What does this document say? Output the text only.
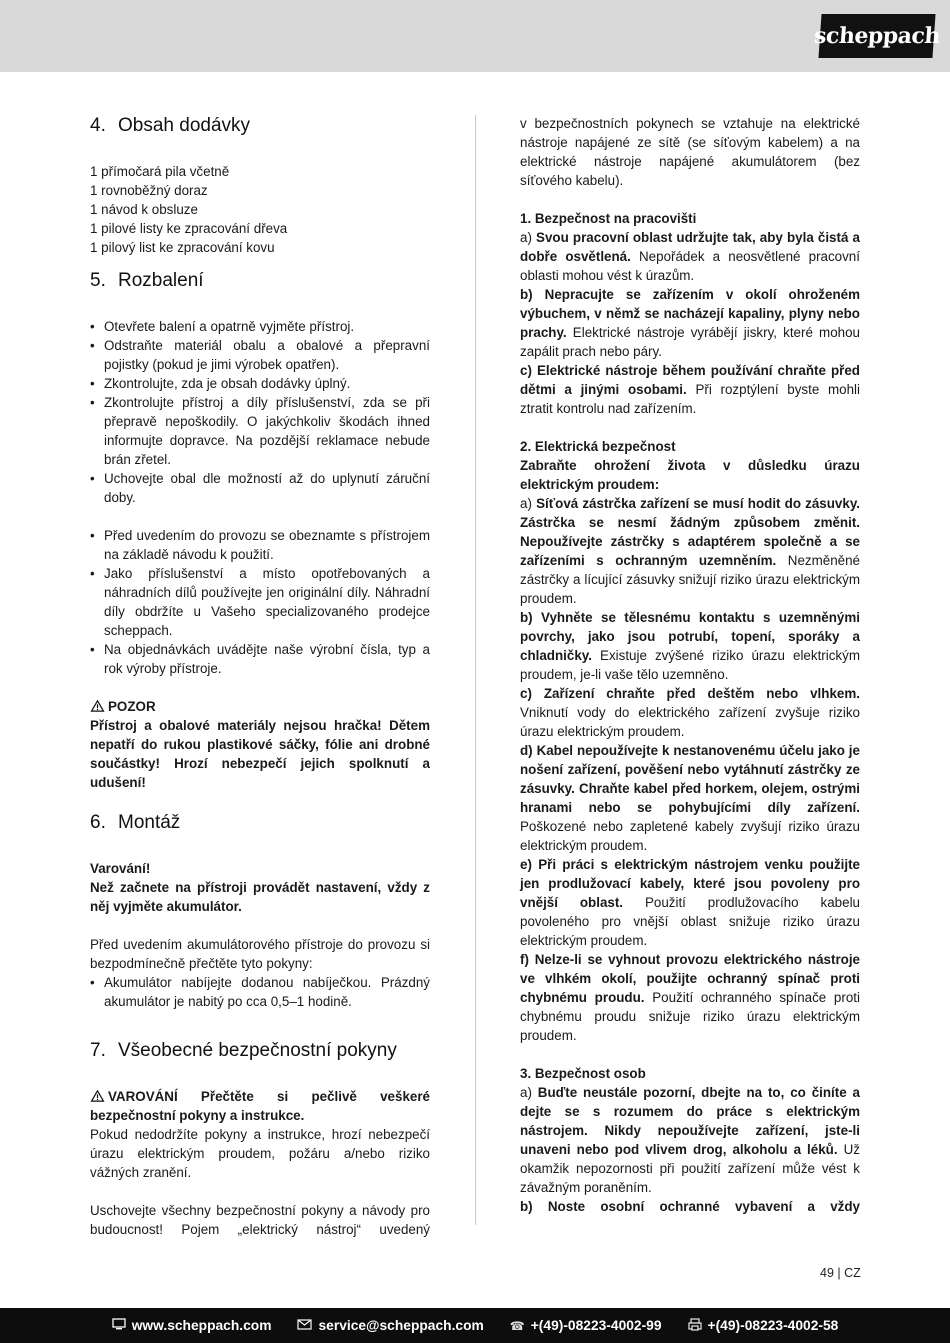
scheppach
4. Obsah dodávky
1 přímočará pila včetně
1 rovnoběžný doraz
1 návod k obsluze
1 pilové listy ke zpracování dřeva
1 pilový list ke zpracování kovu
5. Rozbalení
• Otevřete balení a opatrně vyjměte přístroj.
• Odstraňte materiál obalu a obalové a přepravní pojistky (pokud je jimi výrobek opatřen).
• Zkontrolujte, zda je obsah dodávky úplný.
• Zkontrolujte přístroj a díly příslušenství, zda se při přepravě nepoškodily. O jakýchkoliv škodách ihned informujte dopravce. Na pozdější reklamace nebude brán zřetel.
• Uchovejte obal dle možností až do uplynutí záruční doby.
• Před uvedením do provozu se obeznamte s přístrojem na základě návodu k použití.
• Jako příslušenství a místo opotřebovaných a náhradních dílů používejte jen originální díly. Náhradní díly obdržíte u Vašeho specializovaného prodejce scheppach.
• Na objednávkách uvádějte naše výrobní čísla, typ a rok výroby přístroje.
POZOR
Přístroj a obalové materiály nejsou hračka! Dětem nepatří do rukou plastikové sáčky, fólie ani drobné součástky! Hrozí nebezpečí jejich spolknutí a udušení!
6. Montáž
Varování!
Než začnete na přístroji provádět nastavení, vždy z něj vyjměte akumulátor.
Před uvedením akumulátorového přístroje do provozu si bezpodmínečně přečtěte tyto pokyny:
• Akumulátor nabíjejte dodanou nabíječkou. Prázdný akumulátor je nabitý po cca 0,5–1 hodině.
7. Všeobecné bezpečnostní pokyny
VAROVÁNÍ Přečtěte si pečlivě veškeré bezpečnostní pokyny a instrukce.
Pokud nedodržíte pokyny a instrukce, hrozí nebezpečí úrazu elektrickým proudem, požáru a/nebo riziko vážných zranění.
Uschovejte všechny bezpečnostní pokyny a návody pro budoucnost! Pojem „elektrický nástroj“ uvedený
v bezpečnostních pokynech se vztahuje na elektrické nástroje napájené ze sítě (se síťovým kabelem) a na elektrické nástroje napájené akumulátorem (bez síťového kabelu).
1. Bezpečnost na pracovišti
a) Svou pracovní oblast udržujte tak, aby byla čistá a dobře osvětlená. Nepořádek a neosvětlené pracovní oblasti mohou vést k úrazům.
b) Nepracujte se zařízením v okolí ohroženém výbuchem, v němž se nacházejí kapaliny, plyny nebo prachy. Elektrické nástroje vyrábějí jiskry, které mohou zapálit prach nebo páry.
c) Elektrické nástroje během používání chraňte před dětmi a jinými osobami. Při rozptýlení byste mohli ztratit kontrolu nad zařízením.
2. Elektrická bezpečnost
Zabraňte ohrožení života v důsledku úrazu elektrickým proudem:
a) Síťová zástrčka zařízení se musí hodit do zásuvky. Zástrčka se nesmí žádným způsobem změnit. Nepoužívejte zástrčky s adaptérem společně a se zařízeními s ochranným uzemněním. Nezměněné zástrčky a lícující zásuvky snižují riziko úrazu elektrickým proudem.
b) Vyhněte se tělesnému kontaktu s uzemněnými povrchy, jako jsou potrubí, topení, sporáky a chladničky. Existuje zvýšené riziko úrazu elektrickým proudem, je-li vaše tělo uzemněno.
c) Zařízení chraňte před deštěm nebo vlhkem. Vniknutí vody do elektrického zařízení zvyšuje riziko úrazu elektrickým proudem.
d) Kabel nepoužívejte k nestanovenému účelu jako je nošení zařízení, pověšení nebo vytáhnutí zástrčky ze zásuvky. Chraňte kabel před horkem, olejem, ostrými hranami nebo se pohybujícími díly zařízení. Poškozené nebo zapletené kabely zvyšují riziko úrazu elektrickým proudem.
e) Při práci s elektrickým nástrojem venku použijte jen prodlužovací kabely, které jsou povoleny pro vnější oblast. Použití prodlužovacího kabelu povoleného pro vnější oblast snižuje riziko úrazu elektrickým proudem.
f) Nelze-li se vyhnout provozu elektrického nástroje ve vlhkém okolí, použijte ochranný spínač proti chybnému proudu. Použití ochranného spínače proti chybnému proudu snižuje riziko úrazu elektrickým proudem.
3. Bezpečnost osob
a) Buďte neustále pozorní, dbejte na to, co činíte a dejte se s rozumem do práce s elektrickým nástrojem. Nikdy nepoužívejte zařízení, jste-li unaveni nebo pod vlivem drog, alkoholu a léků. Už okamžik nepozornosti při použití zařízení může vést k závažným poraněním.
b) Noste osobní ochranné vybavení a vždy
49 | CZ
www.scheppach.com	service@scheppach.com ☎ +(49)-08223-4002-99	+(49)-08223-4002-58
